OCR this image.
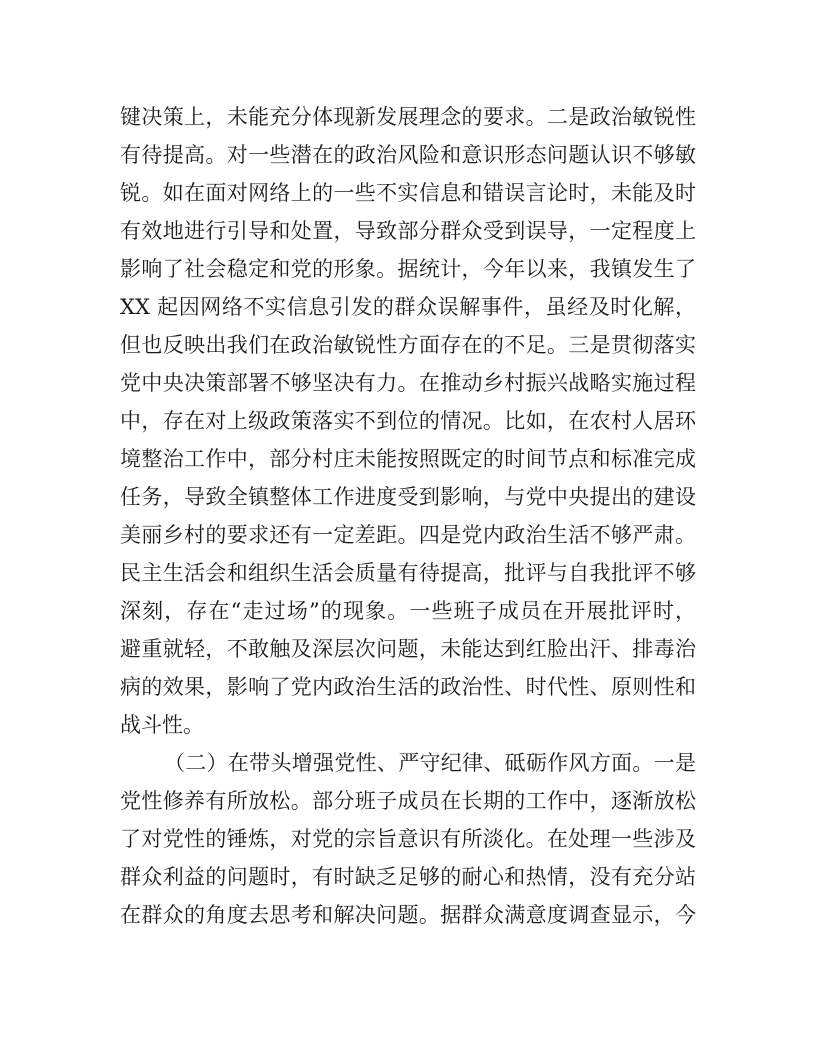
键决策上，未能充分体现新发展理念的要求。二是政治敏锐性
有待提高。对一些潜在的政治风险和意识形态问题认识不够敏
锐。如在面对网络上的一些不实信息和错误言论时，未能及时
有效地进行引导和处置，导致部分群众受到误导，一定程度上
影响了社会稳定和党的形象。据统计，今年以来，我镇发生了
XX 起因网络不实信息引发的群众误解事件，虽经及时化解，
但也反映出我们在政治敏锐性方面存在的不足。三是贯彻落实
党中央决策部署不够坚决有力。在推动乡村振兴战略实施过程
中，存在对上级政策落实不到位的情况。比如，在农村人居环
境整治工作中，部分村庄未能按照既定的时间节点和标准完成
任务，导致全镇整体工作进度受到影响，与党中央提出的建设
美丽乡村的要求还有一定差距。四是党内政治生活不够严肃。
民主生活会和组织生活会质量有待提高，批评与自我批评不够
深刻，存在“走过场”的现象。一些班子成员在开展批评时，
避重就轻，不敢触及深层次问题，未能达到红脸出汗、排毒治
病的效果，影响了党内政治生活的政治性、时代性、原则性和
战斗性。
（二）在带头增强党性、严守纪律、砥砺作风方面。一是
党性修养有所放松。部分班子成员在长期的工作中，逐渐放松
了对党性的锤炼，对党的宗旨意识有所淡化。在处理一些涉及
群众利益的问题时，有时缺乏足够的耐心和热情，没有充分站
在群众的角度去思考和解决问题。据群众满意度调查显示，今
